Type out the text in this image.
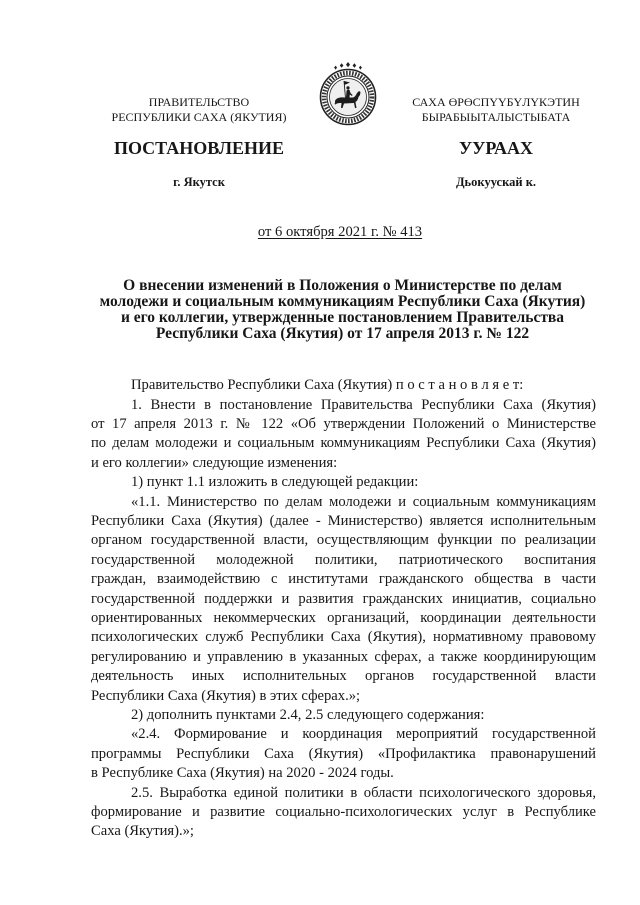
ПРАВИТЕЛЬСТВО
РЕСПУБЛИКИ САХА (ЯКУТИЯ)
ПОСТАНОВЛЕНИЕ
г. Якутск
САХА ӨРӨСПҮҮБҮЛҮКЭТИН
БЫРАБЫЫТАЛЫСТЫБАТА
УУРААХ
Дьокуускай к.
от 6 октября 2021 г. № 413
О внесении изменений в Положения о Министерстве по делам
молодежи и социальным коммуникациям Республики Саха (Якутия)
и его коллегии, утвержденные постановлением Правительства
Республики Саха (Якутия) от 17 апреля 2013 г. № 122
Правительство Республики Саха (Якутия) п о с т а н о в л я е т:
1. Внести в постановление Правительства Республики Саха (Якутия)
от 17 апреля 2013 г. № 122 «Об утверждении Положений о Министерстве
по делам молодежи и социальным коммуникациям Республики Саха (Якутия)
и его коллегии» следующие изменения:
1) пункт 1.1 изложить в следующей редакции:
«1.1. Министерство по делам молодежи и социальным коммуникациям
Республики Саха (Якутия) (далее - Министерство) является исполнительным
органом государственной власти, осуществляющим функции по реализации
государственной молодежной политики, патриотического воспитания
граждан, взаимодействию с институтами гражданского общества в части
государственной поддержки и развития гражданских инициатив, социально
ориентированных некоммерческих организаций, координации деятельности
психологических служб Республики Саха (Якутия), нормативному правовому
регулированию и управлению в указанных сферах, а также координирующим
деятельность иных исполнительных органов государственной власти
Республики Саха (Якутия) в этих сферах.»;
2) дополнить пунктами 2.4, 2.5 следующего содержания:
«2.4. Формирование и координация мероприятий государственной
программы Республики Саха (Якутия) «Профилактика правонарушений
в Республике Саха (Якутия) на 2020 - 2024 годы.
2.5. Выработка единой политики в области психологического здоровья,
формирование и развитие социально-психологических услуг в Республике
Саха (Якутия).»;
